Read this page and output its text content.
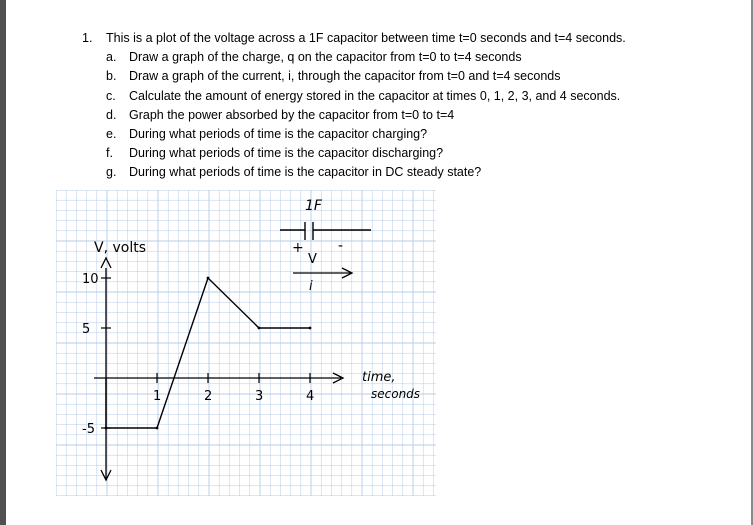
1.	This is a plot of the voltage across a 1F capacitor between time t=0 seconds and t=4 seconds.
a.	Draw a graph of the charge, q on the capacitor from t=0 to t=4 seconds
b.	Draw a graph of the current, i, through the capacitor from t=0 and t=4 seconds
c.	Calculate the amount of energy stored in the capacitor at times 0, 1, 2, 3, and 4 seconds.
d.	Graph the power absorbed by the capacitor from t=0 to t=4
e.	During what periods of time is the capacitor charging?
f.	During what periods of time is the capacitor discharging?
g.	During what periods of time is the capacitor in DC steady state?
1	2	3	4
10
5
-5
V, volts
time,
seconds
1F
+ -
V
i
